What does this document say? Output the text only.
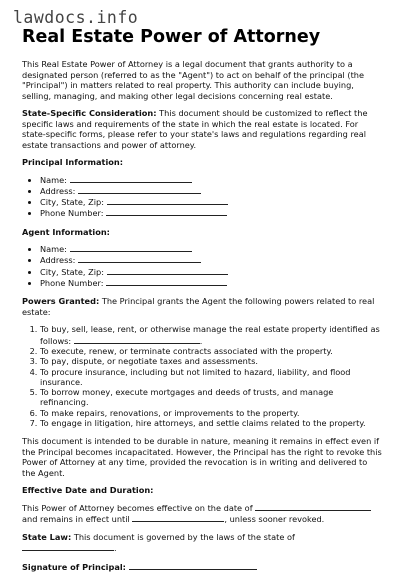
lawdocs.info
Real Estate Power of Attorney

This Real Estate Power of Attorney is a legal document that grants authority to a designated person (referred to as the "Agent") to act on behalf of the principal (the "Principal") in matters related to real property. This authority can include buying, selling, managing, and making other legal decisions concerning real estate.

State-Specific Consideration: This document should be customized to reflect the specific laws and requirements of the state in which the real estate is located. For state-specific forms, please refer to your state's laws and regulations regarding real estate transactions and power of attorney.

Principal Information:

• Name:
• Address:
• City, State, Zip:
• Phone Number:

Agent Information:

• Name:
• Address:
• City, State, Zip:
• Phone Number:

Powers Granted: The Principal grants the Agent the following powers related to real estate:

1. To buy, sell, lease, rent, or otherwise manage the real estate property identified as follows:	.
2. To execute, renew, or terminate contracts associated with the property.
3. To pay, dispute, or negotiate taxes and assessments.
4. To procure insurance, including but not limited to hazard, liability, and flood insurance.
5. To borrow money, execute mortgages and deeds of trusts, and manage refinancing.
6. To make repairs, renovations, or improvements to the property.
7. To engage in litigation, hire attorneys, and settle claims related to the property.

This document is intended to be durable in nature, meaning it remains in effect even if the Principal becomes incapacitated. However, the Principal has the right to revoke this Power of Attorney at any time, provided the revocation is in writing and delivered to the Agent.

Effective Date and Duration:

This Power of Attorney becomes effective on the date of  and remains in effect until	, unless sooner revoked.

State Law: This document is governed by the laws of the state of .

Signature of Principal:
